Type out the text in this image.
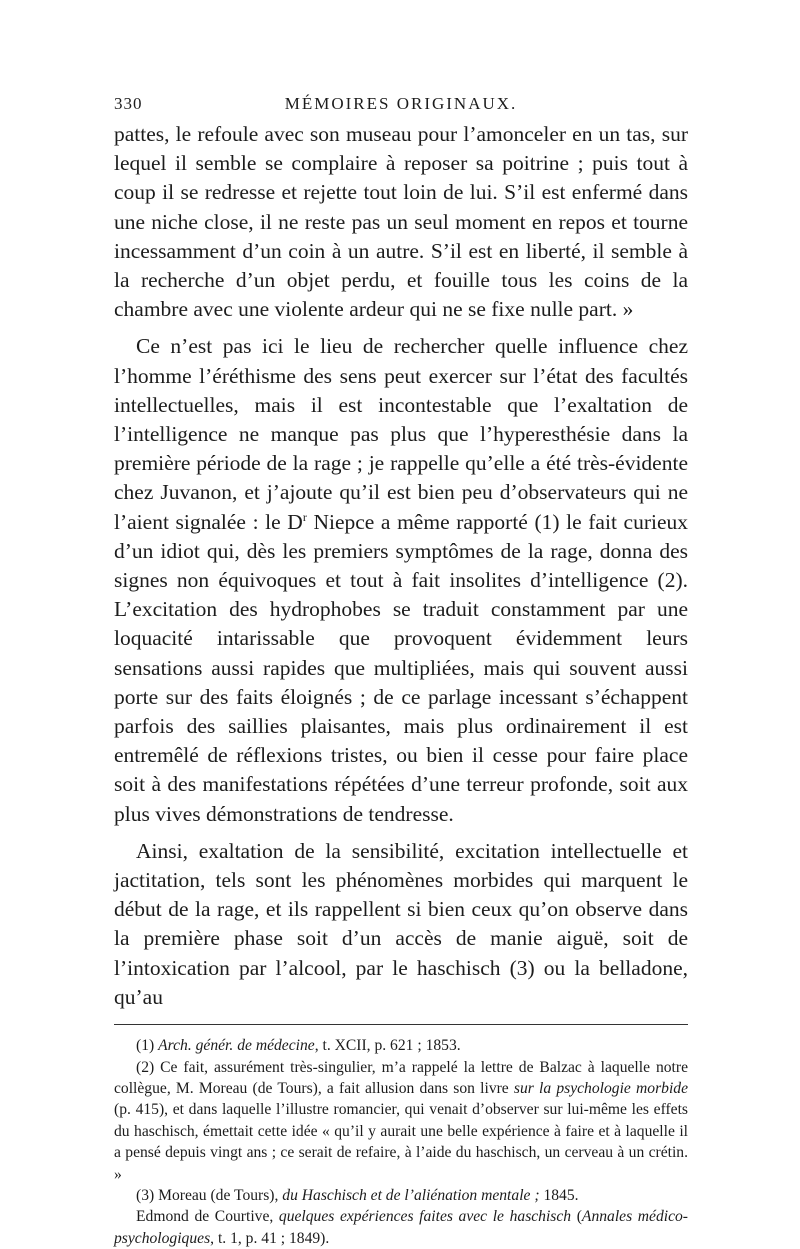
330	MÉMOIRES ORIGINAUX.

pattes, le refoule avec son museau pour l’amonceler en un tas, sur lequel il semble se complaire à reposer sa poitrine ; puis tout à coup il se redresse et rejette tout loin de lui. S’il est enfermé dans une niche close, il ne reste pas un seul moment en repos et tourne incessamment d’un coin à un autre. S’il est en liberté, il semble à la recherche d’un objet perdu, et fouille tous les coins de la chambre avec une violente ardeur qui ne se fixe nulle part. »

Ce n’est pas ici le lieu de rechercher quelle influence chez l’homme l’éréthisme des sens peut exercer sur l’état des facultés intellectuelles, mais il est incontestable que l’exaltation de l’intelligence ne manque pas plus que l’hyperesthésie dans la première période de la rage ; je rappelle qu’elle a été très-évidente chez Juvanon, et j’ajoute qu’il est bien peu d’observateurs qui ne l’aient signalée : le $D^r$ Niepce a même rapporté (1) le fait curieux d’un idiot qui, dès les premiers symptômes de la rage, donna des signes non équivoques et tout à fait insolites d’intelligence (2). L’excitation des hydrophobes se traduit constamment par une loquacité intarissable que provoquent évidemment leurs sensations aussi rapides que multipliées, mais qui souvent aussi porte sur des faits éloignés ; de ce parlage incessant s’échappent parfois des saillies plaisantes, mais plus ordinairement il est entremêlé de réflexions tristes, ou bien il cesse pour faire place soit à des manifestations répétées d’une terreur profonde, soit aux plus vives démonstrations de tendresse.

Ainsi, exaltation de la sensibilité, excitation intellectuelle et jactitation, tels sont les phénomènes morbides qui marquent le début de la rage, et ils rappellent si bien ceux qu’on observe dans la première phase soit d’un accès de manie aiguë, soit de l’intoxication par l’alcool, par le haschisch (3) ou la belladone, qu’au

(1) Arch. génér. de médecine, t. XCII, p. 621 ; 1853.

(2) Ce fait, assurément très-singulier, m’a rappelé la lettre de Balzac à laquelle notre collègue, M. Moreau (de Tours), a fait allusion dans son livre sur la psychologie morbide (p. 415), et dans laquelle l’illustre romancier, qui venait d’observer sur lui-même les effets du haschisch, émettait cette idée « qu’il y aurait une belle expérience à faire et à laquelle il a pensé depuis vingt ans ; ce serait de refaire, à l’aide du haschisch, un cerveau à un crétin. »

(3) Moreau (de Tours), du Haschisch et de l’aliénation mentale ; 1845.

Edmond de Courtive, quelques expériences faites avec le haschisch (Annales médico-psychologiques, t. 1, p. 41 ; 1849).
